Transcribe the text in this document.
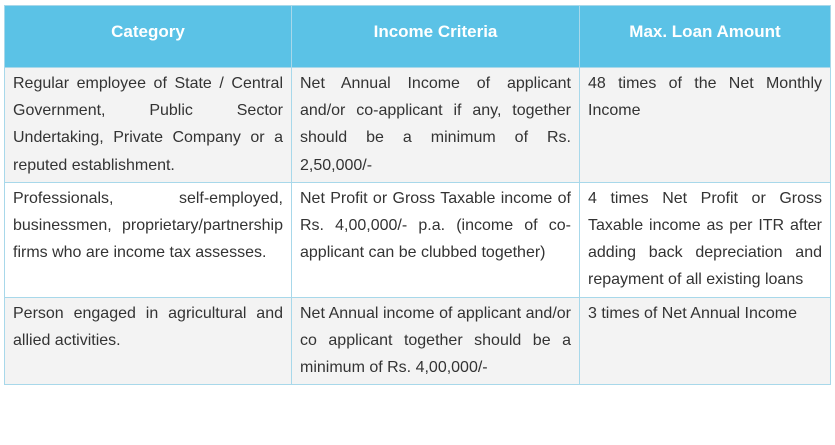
Category	Income Criteria	Max. Loan Amount
Regular employee of State / Central Government, Public Sector Undertaking, Private Company or a reputed establishment.	Net Annual Income of applicant and/or co-applicant if any, together should be a minimum of Rs. 2,50,000/-	48 times of the Net Monthly Income
Professionals, self-employed, businessmen, proprietary/partnership firms who are income tax assesses.	Net Profit or Gross Taxable income of Rs. 4,00,000/- p.a. (income of co-applicant can be clubbed together)	4 times Net Profit or Gross Taxable income as per ITR after adding back depreciation and repayment of all existing loans
Person engaged in agricultural and allied activities.	Net Annual income of applicant and/or co applicant together should be a minimum of Rs. 4,00,000/-	3 times of Net Annual Income
